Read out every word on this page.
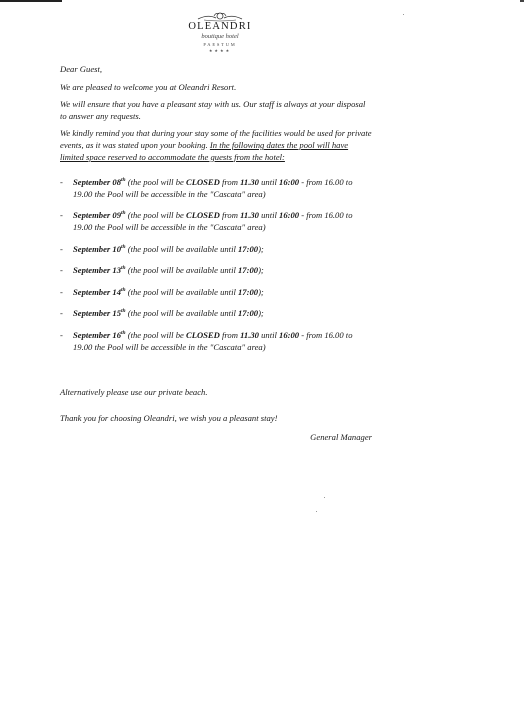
OLEANDRI
boutique hotel
PAESTUM
★★★★

Dear Guest,

We are pleased to welcome you at Oleandri Resort.

We will ensure that you have a pleasant stay with us. Our staff is always at your disposal to answer any requests.

We kindly remind you that during your stay some of the facilities would be used for private events, as it was stated upon your booking. In the following dates the pool will have limited space reserved to accommodate the guests from the hotel:

- September 08th (the pool will be CLOSED from 11.30 until 16:00 - from 16.00 to 19.00 the Pool will be accessible in the "Cascata" area)
- September 09th (the pool will be CLOSED from 11.30 until 16:00 - from 16.00 to 19.00 the Pool will be accessible in the "Cascata" area)
- September 10th (the pool will be available until 17:00);
- September 13th (the pool will be available until 17:00);
- September 14th (the pool will be available until 17:00);
- September 15th (the pool will be available until 17:00);
- September 16th (the pool will be CLOSED from 11.30 until 16:00 - from 16.00 to 19.00 the Pool will be accessible in the "Cascata" area)

Alternatively please use our private beach.

Thank you for choosing Oleandri, we wish you a pleasant stay!

General Manager
